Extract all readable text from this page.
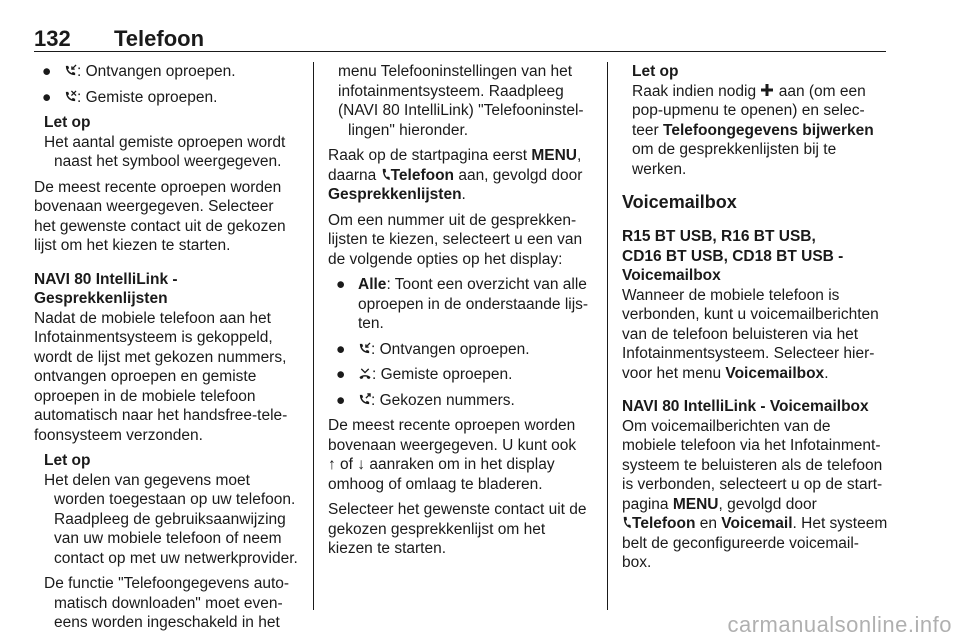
132 Telefoon
● : Ontvangen oproepen.
● : Gemiste oproepen.
Let op
Het aantal gemiste oproepen wordt
naast het symbool weergegeven.

De meest recente oproepen worden
bovenaan weergegeven. Selecteer
het gewenste contact uit de gekozen
lijst om het kiezen te starten.

NAVI 80 IntelliLink -
Gesprekkenlijsten

Nadat de mobiele telefoon aan het
Infotainmentsysteem is gekoppeld,
wordt de lijst met gekozen nummers,
ontvangen oproepen en gemiste
oproepen in de mobiele telefoon
automatisch naar het handsfree-tele-
foonsysteem verzonden.

Let op
Het delen van gegevens moet
worden toegestaan op uw telefoon.
Raadpleeg de gebruiksaanwijzing
van uw mobiele telefoon of neem
contact op met uw netwerkprovider.
De functie "Telefoongegevens auto-
matisch downloaden" moet even-
eens worden ingeschakeld in het
menu Telefooninstellingen van het
infotainmentsysteem. Raadpleeg
(NAVI 80 IntelliLink) "Telefooninstel-
lingen" hieronder.

Raak op de startpagina eerst MENU,
daarna Telefoon aan, gevolgd door
Gesprekkenlijsten.

Om een nummer uit de gesprekken-
lijsten te kiezen, selecteert u een van
de volgende opties op het display:

● Alle: Toont een overzicht van alle
oproepen in de onderstaande lijs-
ten.
● : Ontvangen oproepen.
● : Gemiste oproepen.
● : Gekozen nummers.

De meest recente oproepen worden
bovenaan weergegeven. U kunt ook
↑ of ↓ aanraken om in het display
omhoog of omlaag te bladeren.

Selecteer het gewenste contact uit de
gekozen gesprekkenlijst om het
kiezen te starten.

Let op
Raak indien nodig  aan (om een
pop-upmenu te openen) en selec-
teer Telefoongegevens bijwerken
om de gesprekkenlijsten bij te
werken.
Voicemailbox
R15 BT USB, R16 BT USB,
CD16 BT USB, CD18 BT USB -
Voicemailbox

Wanneer de mobiele telefoon is
verbonden, kunt u voicemailberichten
van de telefoon beluisteren via het
Infotainmentsysteem. Selecteer hier-
voor het menu Voicemailbox.

NAVI 80 IntelliLink - Voicemailbox

Om voicemailberichten van de
mobiele telefoon via het Infotainment-
systeem te beluisteren als de telefoon
is verbonden, selecteert u op de start-
pagina MENU, gevolgd door
Telefoon en Voicemail. Het systeem
belt de geconfigureerde voicemail-
box.

carmanualsonline.info
